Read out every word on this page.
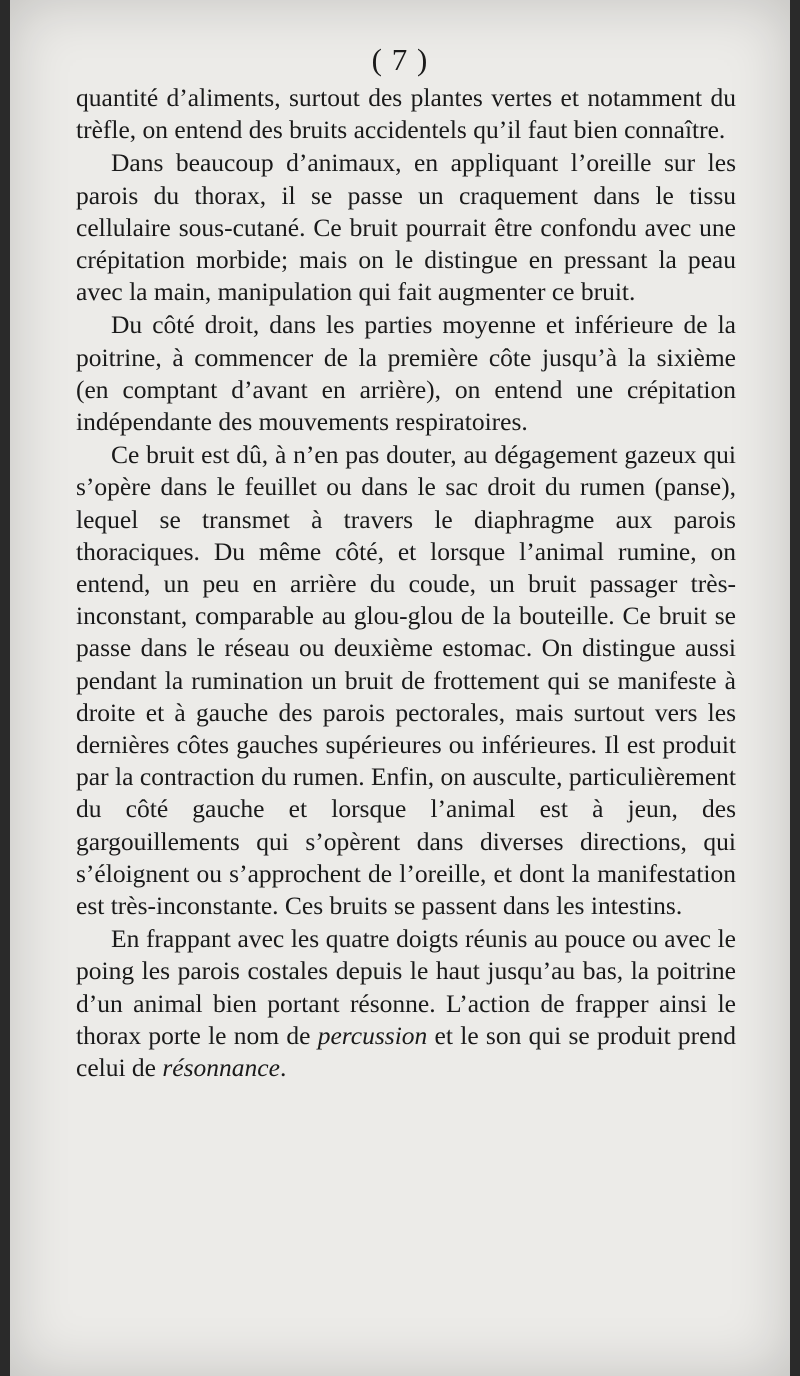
( 7 )

quantité d’aliments, surtout des plantes vertes et notamment du trèfle, on entend des bruits accidentels qu’il faut bien connaître.

Dans beaucoup d’animaux, en appliquant l’oreille sur les parois du thorax, il se passe un craquement dans le tissu cellulaire sous-cutané. Ce bruit pourrait être confondu avec une crépitation morbide; mais on le distingue en pressant la peau avec la main, manipulation qui fait augmenter ce bruit.

Du côté droit, dans les parties moyenne et inférieure de la poitrine, à commencer de la première côte jusqu’à la sixième (en comptant d’avant en arrière), on entend une crépitation indépendante des mouvements respiratoires.

Ce bruit est dû, à n’en pas douter, au dégagement gazeux qui s’opère dans le feuillet ou dans le sac droit du rumen (panse), lequel se transmet à travers le diaphragme aux parois thoraciques. Du même côté, et lorsque l’animal rumine, on entend, un peu en arrière du coude, un bruit passager très-inconstant, comparable au glou-glou de la bouteille. Ce bruit se passe dans le réseau ou deuxième estomac. On distingue aussi pendant la rumination un bruit de frottement qui se manifeste à droite et à gauche des parois pectorales, mais surtout vers les dernières côtes gauches supérieures ou inférieures. Il est produit par la contraction du rumen. Enfin, on ausculte, particulièrement du côté gauche et lorsque l’animal est à jeun, des gargouillements qui s’opèrent dans diverses directions, qui s’éloignent ou s’approchent de l’oreille, et dont la manifestation est très-inconstante. Ces bruits se passent dans les intestins.

En frappant avec les quatre doigts réunis au pouce ou avec le poing les parois costales depuis le haut jusqu’au bas, la poitrine d’un animal bien portant résonne. L’action de frapper ainsi le thorax porte le nom de percussion et le son qui se produit prend celui de résonnance.
